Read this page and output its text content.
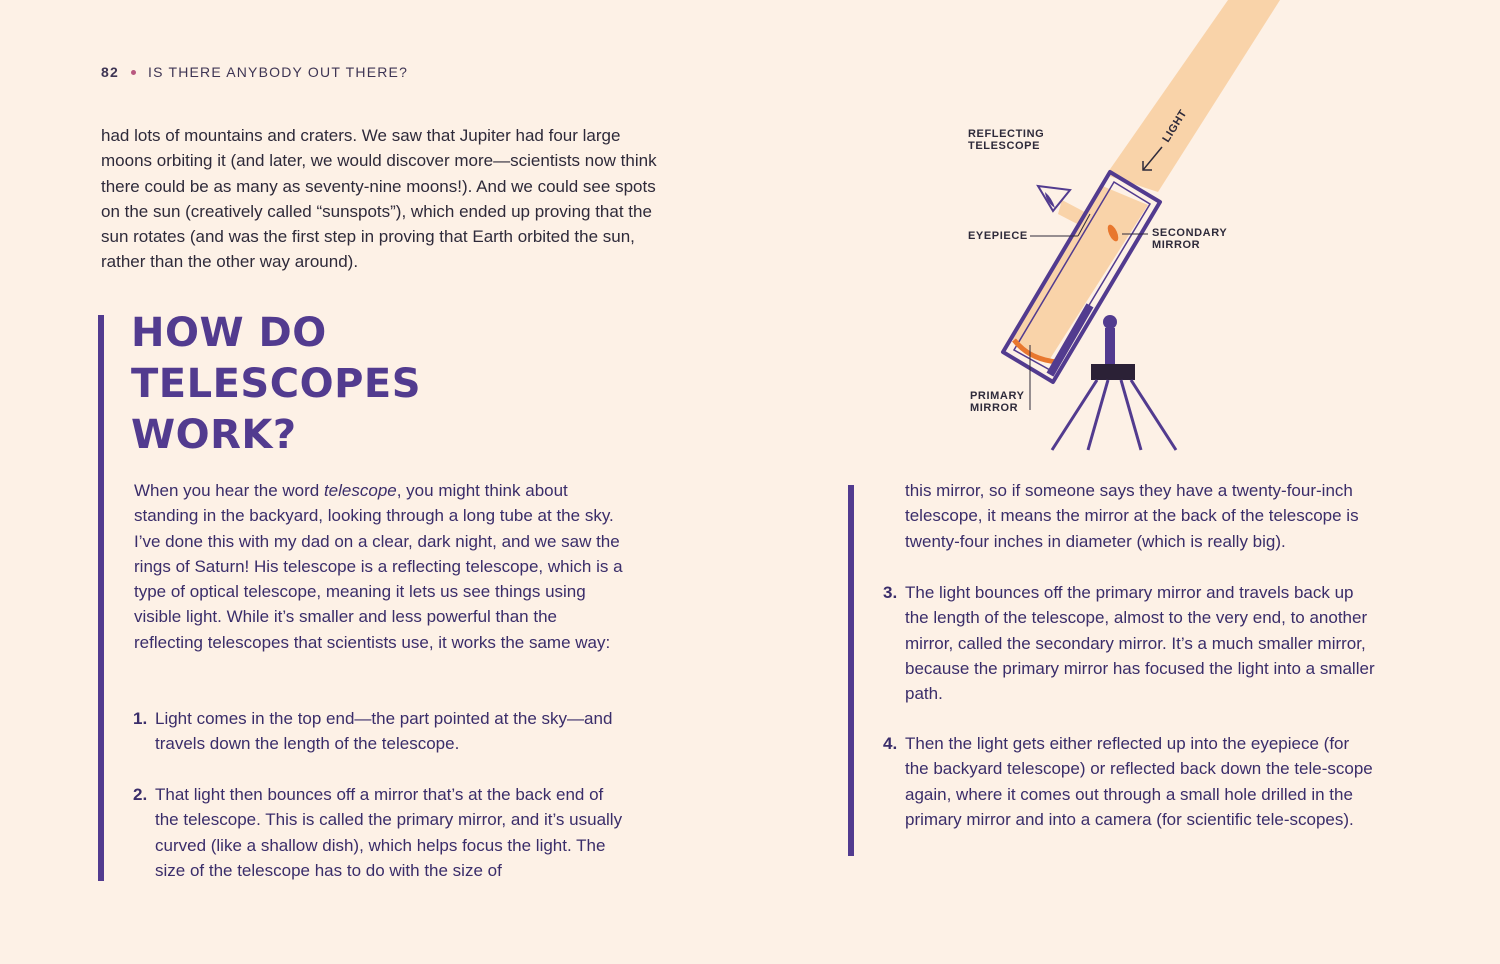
82 IS THERE ANYBODY OUT THERE?

had lots of mountains and craters. We saw that Jupiter had four large moons orbiting it (and later, we would discover more—scientists now think there could be as many as seventy-nine moons!). And we could see spots on the sun (creatively called “sunspots”), which ended up proving that the sun rotates (and was the first step in proving that Earth orbited the sun, rather than the other way around).

HOW DO
TELESCOPES
WORK?

When you hear the word telescope, you might think about standing in the backyard, looking through a long tube at the sky. I’ve done this with my dad on a clear, dark night, and we saw the rings of Saturn! His telescope is a reflecting telescope, which is a type of optical telescope, meaning it lets us see things using visible light. While it’s smaller and less powerful than the reflecting telescopes that scientists use, it works the same way:

1. Light comes in the top end—the part pointed at the sky—and travels down the length of the telescope.
2. That light then bounces off a mirror that’s at the back end of the telescope. This is called the primary mirror, and it’s usually curved (like a shallow dish), which helps focus the light. The size of the telescope has to do with the size of
this mirror, so if someone says they have a twenty-four-inch telescope, it means the mirror at the back of the telescope is twenty-four inches in diameter (which is really big).
3. The light bounces off the primary mirror and travels back up the length of the telescope, almost to the very end, to another mirror, called the secondary mirror. It’s a much smaller mirror, because the primary mirror has focused the light into a smaller path.
4. Then the light gets either reflected up into the eyepiece (for the backyard telescope) or reflected back down the tele-scope again, where it comes out through a small hole drilled in the primary mirror and into a camera (for scientific tele-scopes).
LIGHT
REFLECTING
TELESCOPE
EYEPIECE	SECONDARY
MIRROR
PRIMARY
MIRROR
